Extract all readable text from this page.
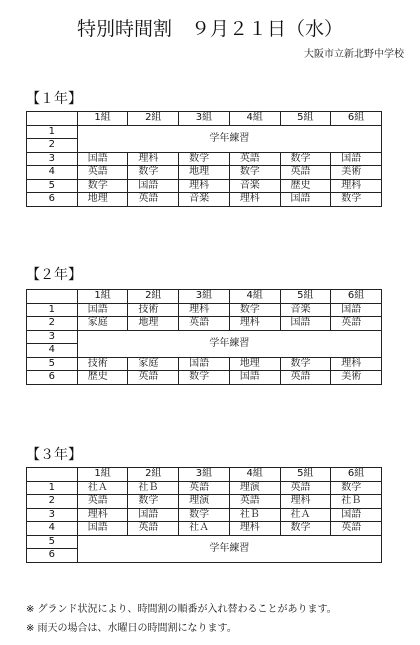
特別時間割　９月２１日（水）
大阪市立新北野中学校
【１年】
	1組	2組	3組	4組	5組	6組
1	学年練習					
2						
3	国語	理科	数学	英語	数学	国語
4	英語	数学	地理	数学	英語	美術
5	数学	国語	理科	音楽	歴史	理科
6	地理	英語	音楽	理科	国語	数学
【２年】
	1組	2組	3組	4組	5組	6組
1	国語	技術	理科	数学	音楽	国語
2	家庭	地理	英語	理科	国語	英語
3	学年練習					
4						
5	技術	家庭	国語	地理	数学	理科
6	歴史	英語	数学	国語	英語	美術
【３年】
	1組	2組	3組	4組	5組	6組
1	社Ａ	社Ｂ	英語	理演	英語	数学
2	英語	数学	理演	英語	理科	社Ｂ
3	理科	国語	数学	社Ｂ	社Ａ	国語
4	国語	英語	社Ａ	理科	数学	英語
5	学年練習					
6						
※ グランド状況により、時間割の順番が入れ替わることがあります。
※ 雨天の場合は、水曜日の時間割になります。
